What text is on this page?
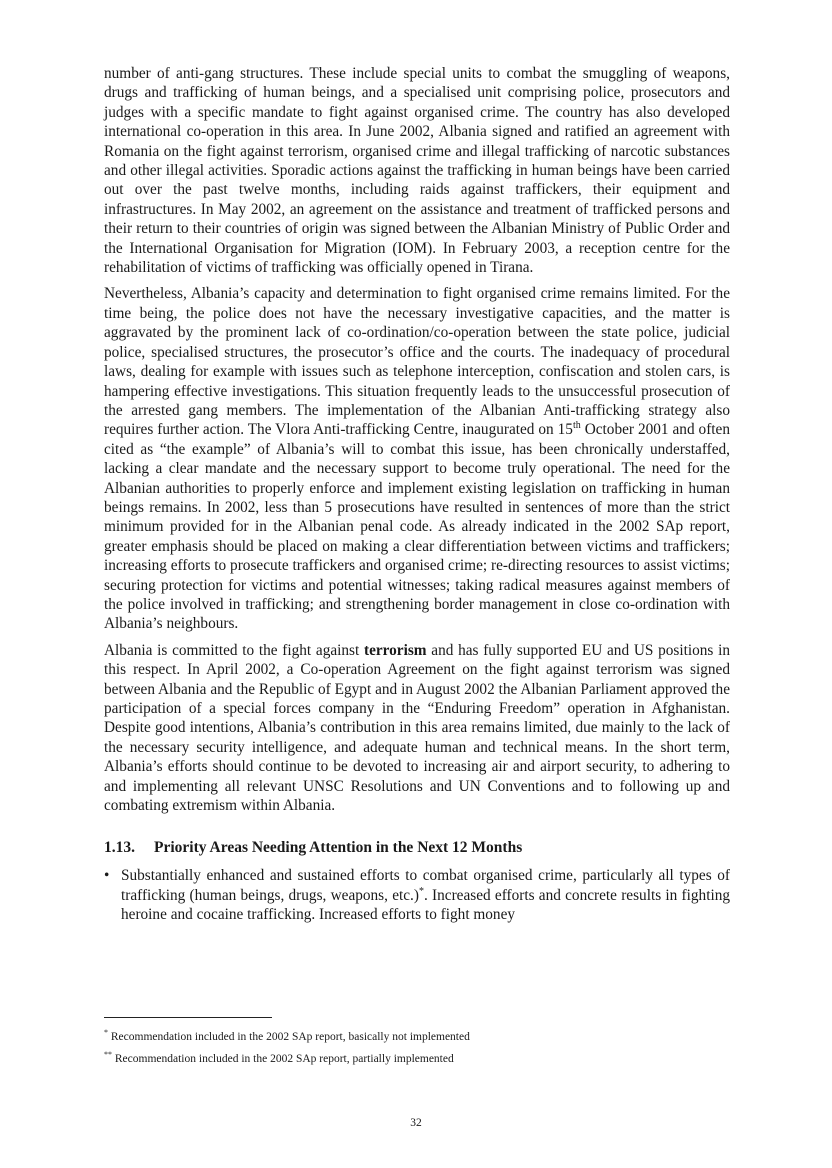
number of anti-gang structures. These include special units to combat the smuggling of weapons, drugs and trafficking of human beings, and a specialised unit comprising police, prosecutors and judges with a specific mandate to fight against organised crime. The country has also developed international co-operation in this area. In June 2002, Albania signed and ratified an agreement with Romania on the fight against terrorism, organised crime and illegal trafficking of narcotic substances and other illegal activities. Sporadic actions against the trafficking in human beings have been carried out over the past twelve months, including raids against traffickers, their equipment and infrastructures. In May 2002, an agreement on the assistance and treatment of trafficked persons and their return to their countries of origin was signed between the Albanian Ministry of Public Order and the International Organisation for Migration (IOM). In February 2003, a reception centre for the rehabilitation of victims of trafficking was officially opened in Tirana.

Nevertheless, Albania’s capacity and determination to fight organised crime remains limited. For the time being, the police does not have the necessary investigative capacities, and the matter is aggravated by the prominent lack of co-ordination/co-operation between the state police, judicial police, specialised structures, the prosecutor’s office and the courts. The inadequacy of procedural laws, dealing for example with issues such as telephone interception, confiscation and stolen cars, is hampering effective investigations. This situation frequently leads to the unsuccessful prosecution of the arrested gang members. The implementation of the Albanian Anti-trafficking strategy also requires further action. The Vlora Anti-trafficking Centre, inaugurated on 15th October 2001 and often cited as “the example” of Albania’s will to combat this issue, has been chronically understaffed, lacking a clear mandate and the necessary support to become truly operational. The need for the Albanian authorities to properly enforce and implement existing legislation on trafficking in human beings remains. In 2002, less than 5 prosecutions have resulted in sentences of more than the strict minimum provided for in the Albanian penal code. As already indicated in the 2002 SAp report, greater emphasis should be placed on making a clear differentiation between victims and traffickers; increasing efforts to prosecute traffickers and organised crime; re-directing resources to assist victims; securing protection for victims and potential witnesses; taking radical measures against members of the police involved in trafficking; and strengthening border management in close co-ordination with Albania’s neighbours.

Albania is committed to the fight against terrorism and has fully supported EU and US positions in this respect. In April 2002, a Co-operation Agreement on the fight against terrorism was signed between Albania and the Republic of Egypt and in August 2002 the Albanian Parliament approved the participation of a special forces company in the “Enduring Freedom” operation in Afghanistan. Despite good intentions, Albania’s contribution in this area remains limited, due mainly to the lack of the necessary security intelligence, and adequate human and technical means. In the short term, Albania’s efforts should continue to be devoted to increasing air and airport security, to adhering to and implementing all relevant UNSC Resolutions and UN Conventions and to following up and combating extremism within Albania.

1.13. Priority Areas Needing Attention in the Next 12 Months
• Substantially enhanced and sustained efforts to combat organised crime, particularly all types of trafficking (human beings, drugs, weapons, etc.)*. Increased efforts and concrete results in fighting heroine and cocaine trafficking. Increased efforts to fight money
* Recommendation included in the 2002 SAp report, basically not implemented
** Recommendation included in the 2002 SAp report, partially implemented
32
